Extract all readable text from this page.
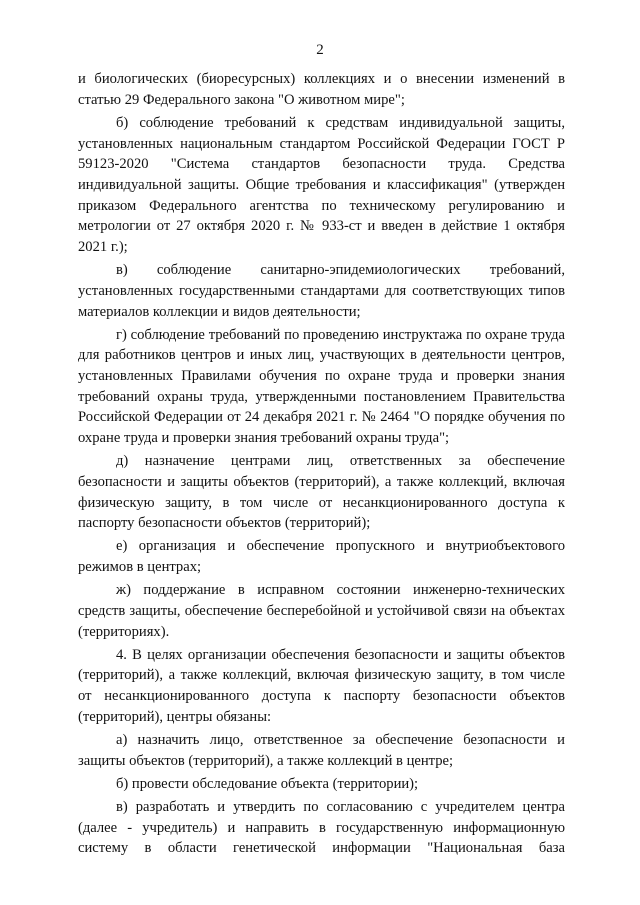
2

и биологических (биоресурсных) коллекциях и о внесении изменений в статью 29 Федерального закона "О животном мире";

б) соблюдение требований к средствам индивидуальной защиты, установленных национальным стандартом Российской Федерации ГОСТ Р 59123-2020 "Система стандартов безопасности труда. Средства индивидуальной защиты. Общие требования и классификация" (утвержден приказом Федерального агентства по техническому регулированию и метрологии от 27 октября 2020 г. № 933-ст и введен в действие 1 октября 2021 г.);

в) соблюдение санитарно-эпидемиологических требований, установленных государственными стандартами для соответствующих типов материалов коллекции и видов деятельности;

г) соблюдение требований по проведению инструктажа по охране труда для работников центров и иных лиц, участвующих в деятельности центров, установленных Правилами обучения по охране труда и проверки знания требований охраны труда, утвержденными постановлением Правительства Российской Федерации от 24 декабря 2021 г. № 2464 "О порядке обучения по охране труда и проверки знания требований охраны труда";

д) назначение центрами лиц, ответственных за обеспечение безопасности и защиты объектов (территорий), а также коллекций, включая физическую защиту, в том числе от несанкционированного доступа к паспорту безопасности объектов (территорий);

е) организация и обеспечение пропускного и внутриобъектового режимов в центрах;

ж) поддержание в исправном состоянии инженерно-технических средств защиты, обеспечение бесперебойной и устойчивой связи на объектах (территориях).

4. В целях организации обеспечения безопасности и защиты объектов (территорий), а также коллекций, включая физическую защиту, в том числе от несанкционированного доступа к паспорту безопасности объектов (территорий), центры обязаны:

а) назначить лицо, ответственное за обеспечение безопасности и защиты объектов (территорий), а также коллекций в центре;

б) провести обследование объекта (территории);

в) разработать и утвердить по согласованию с учредителем центра (далее - учредитель) и направить в государственную информационную систему в области генетической информации "Национальная база
